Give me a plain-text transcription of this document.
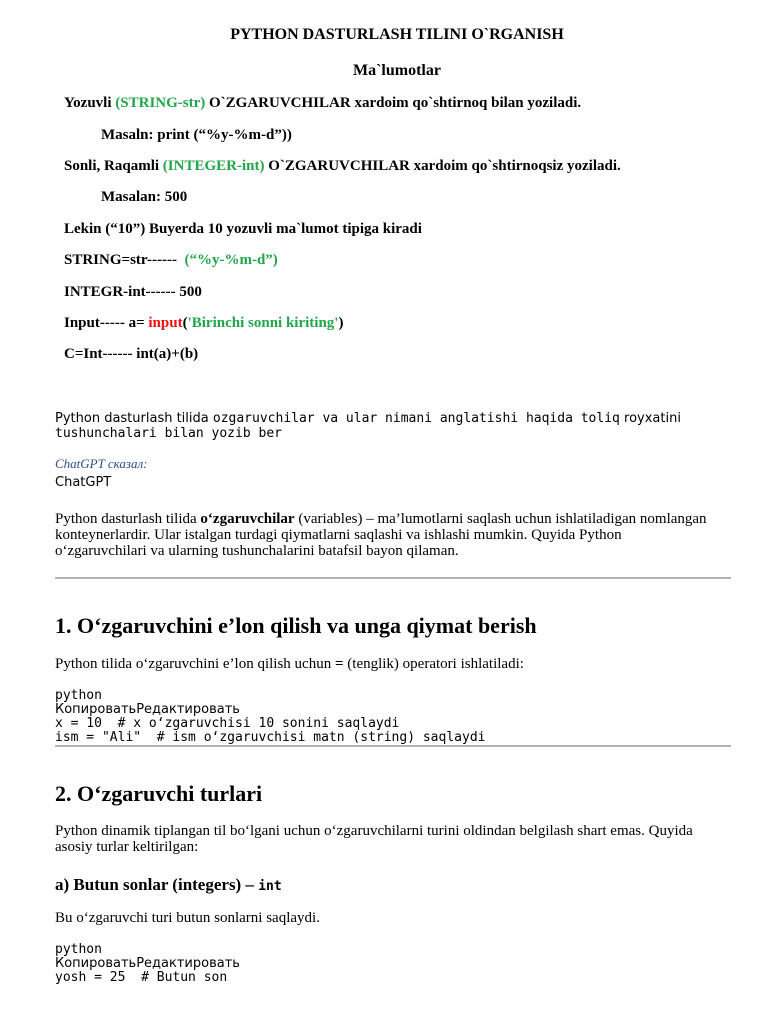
PYTHON DASTURLASH TILINI O`RGANISH
Ma`lumotlar
Yozuvli (STRING-str) O`ZGARUVCHILAR xardoim qo`shtirnoq bilan yoziladi.
Masaln: print (“%y-%m-d”))
Sonli, Raqamli (INTEGER-int) O`ZGARUVCHILAR xardoim qo`shtirnoqsiz yoziladi.
Masalan: 500
Lekin (“10”) Buyerda 10 yozuvli ma`lumot tipiga kiradi
STRING=str------  (“%y-%m-d”)
INTEGR-int------ 500
Input----- a= input('Birinchi sonni kiriting')
C=Int------ int(a)+(b)
Python dasturlash tilida ozgaruvchilar va ular nimani anglatishi haqida toliq royxatini
tushunchalari bilan yozib ber
ChatGPT сказал:
ChatGPT
Python dasturlash tilida o‘zgaruvchilar (variables) – ma’lumotlarni saqlash uchun ishlatiladigan nomlangan
konteynerlardir. Ular istalgan turdagi qiymatlarni saqlashi va ishlashi mumkin. Quyida Python
o‘zgaruvchilari va ularning tushunchalarini batafsil bayon qilaman.
1. O‘zgaruvchini e’lon qilish va unga qiymat berish
Python tilida o‘zgaruvchini e’lon qilish uchun = (tenglik) operatori ishlatiladi:
python
КопироватьРедактировать
x = 10  # x o‘zgaruvchisi 10 sonini saqlaydi
ism = "Ali"  # ism o‘zgaruvchisi matn (string) saqlaydi
2. O‘zgaruvchi turlari
Python dinamik tiplangan til bo‘lgani uchun o‘zgaruvchilarni turini oldindan belgilash shart emas. Quyida
asosiy turlar keltirilgan:
a) Butun sonlar (integers) – int
Bu o‘zgaruvchi turi butun sonlarni saqlaydi.
python
КопироватьРедактировать
yosh = 25  # Butun son
